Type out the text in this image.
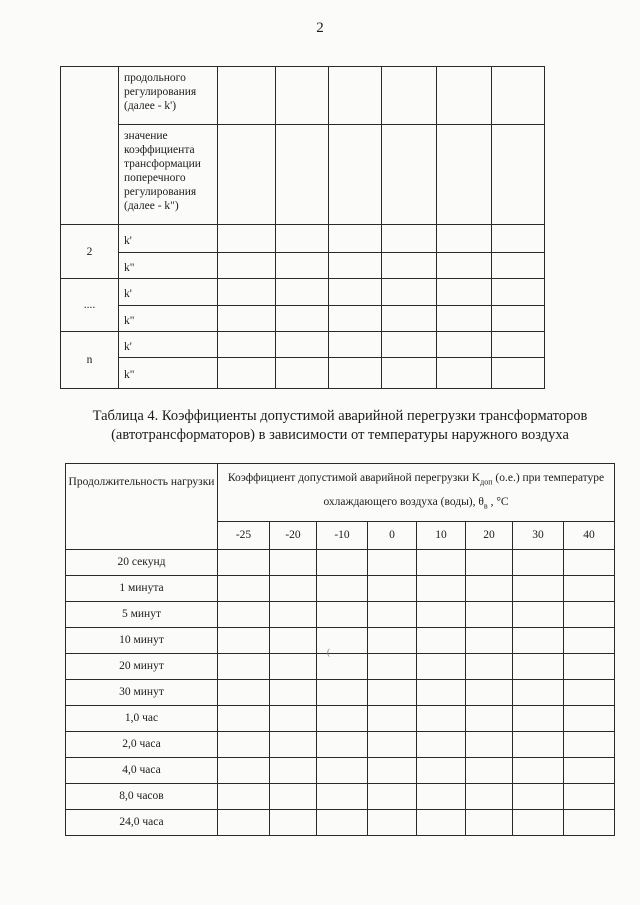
2
	продольного регулирования (далее - k')						
	значение коэффициента трансформации поперечного регулирования (далее - k")						
2	k'						
	k"						
....	k'						
	k"						
n	k'						
	k"						
Таблица 4. Коэффициенты допустимой аварийной перегрузки трансформаторов
(автотрансформаторов) в зависимости от температуры наружного воздуха
Продолжительность нагрузки	Коэффициент допустимой аварийной перегрузки $K_{доп}$ (о.е.) при температуре охлаждающего воздуха (воды), $\theta_в$ , °С							
	-25	-20	-10	0	10	20	30	40
20 секунд								
1 минута								
5 минут								
10 минут								
20 минут								
30 минут								
1,0 час								
2,0 часа								
4,0 часа								
8,0 часов								
24,0 часа								
(
